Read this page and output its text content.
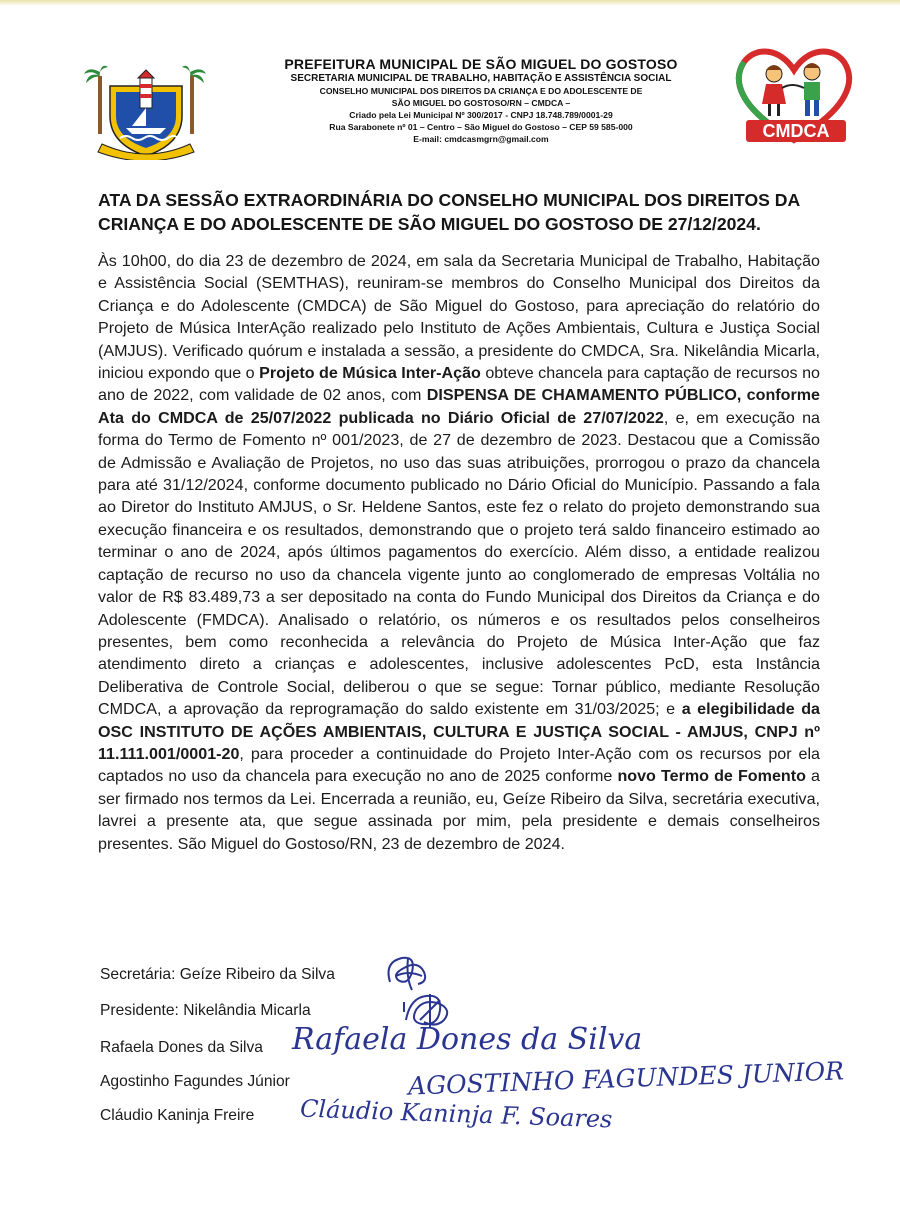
PREFEITURA MUNICIPAL DE SÃO MIGUEL DO GOSTOSO
SECRETARIA MUNICIPAL DE TRABALHO, HABITAÇÃO E ASSISTÊNCIA SOCIAL
CONSELHO MUNICIPAL DOS DIREITOS DA CRIANÇA E DO ADOLESCENTE DE
SÃO MIGUEL DO GOSTOSO/RN – CMDCA –
Criado pela Lei Municipal Nº 300/2017 - CNPJ 18.748.789/0001-29
Rua Sarabonete nº 01 – Centro – São Miguel do Gostoso – CEP 59 585-000
E-mail: cmdcasmgrn@gmail.com	CMDCA
ATA DA SESSÃO EXTRAORDINÁRIA DO CONSELHO MUNICIPAL DOS DIREITOS DA
CRIANÇA E DO ADOLESCENTE DE SÃO MIGUEL DO GOSTOSO DE 27/12/2024.
Às 10h00, do dia 23 de dezembro de 2024, em sala da Secretaria Municipal de Trabalho, Habitação e Assistência Social (SEMTHAS), reuniram-se membros do Conselho Municipal dos Direitos da Criança e do Adolescente (CMDCA) de São Miguel do Gostoso, para apreciação do relatório do Projeto de Música InterAção realizado pelo Instituto de Ações Ambientais, Cultura e Justiça Social (AMJUS). Verificado quórum e instalada a sessão, a presidente do CMDCA, Sra. Nikelândia Micarla, iniciou expondo que o Projeto de Música Inter-Ação obteve chancela para captação de recursos no ano de 2022, com validade de 02 anos, com DISPENSA DE CHAMAMENTO PÚBLICO, conforme Ata do CMDCA de 25/07/2022 publicada no Diário Oficial de 27/07/2022, e, em execução na forma do Termo de Fomento nº 001/2023, de 27 de dezembro de 2023. Destacou que a Comissão de Admissão e Avaliação de Projetos, no uso das suas atribuições, prorrogou o prazo da chancela para até 31/12/2024, conforme documento publicado no Dário Oficial do Município. Passando a fala ao Diretor do Instituto AMJUS, o Sr. Heldene Santos, este fez o relato do projeto demonstrando sua execução financeira e os resultados, demonstrando que o projeto terá saldo financeiro estimado ao terminar o ano de 2024, após últimos pagamentos do exercício. Além disso, a entidade realizou captação de recurso no uso da chancela vigente junto ao conglomerado de empresas Voltália no valor de R$ 83.489,73 a ser depositado na conta do Fundo Municipal dos Direitos da Criança e do Adolescente (FMDCA). Analisado o relatório, os números e os resultados pelos conselheiros presentes, bem como reconhecida a relevância do Projeto de Música Inter-Ação que faz atendimento direto a crianças e adolescentes, inclusive adolescentes PcD, esta Instância Deliberativa de Controle Social, deliberou o que se segue: Tornar público, mediante Resolução CMDCA, a aprovação da reprogramação do saldo existente em 31/03/2025; e a elegibilidade da OSC INSTITUTO DE AÇÕES AMBIENTAIS, CULTURA E JUSTIÇA SOCIAL - AMJUS, CNPJ nº 11.111.001/0001-20, para proceder a continuidade do Projeto Inter-Ação com os recursos por ela captados no uso da chancela para execução no ano de 2025 conforme novo Termo de Fomento a ser firmado nos termos da Lei. Encerrada a reunião, eu, Geíze Ribeiro da Silva, secretária executiva, lavrei a presente ata, que segue assinada por mim, pela presidente e demais conselheiros presentes. São Miguel do Gostoso/RN, 23 de dezembro de 2024.
Secretária: Geíze Ribeiro da Silva
Presidente: Nikelândia Micarla
Rafaela Dones da Silva
Agostinho Fagundes Júnior
Cláudio Kaninja Freire
Rafaela Dones da Silva
AGOSTINHO FAGUNDES JUNIOR
Cláudio Kaninja F. Soares
